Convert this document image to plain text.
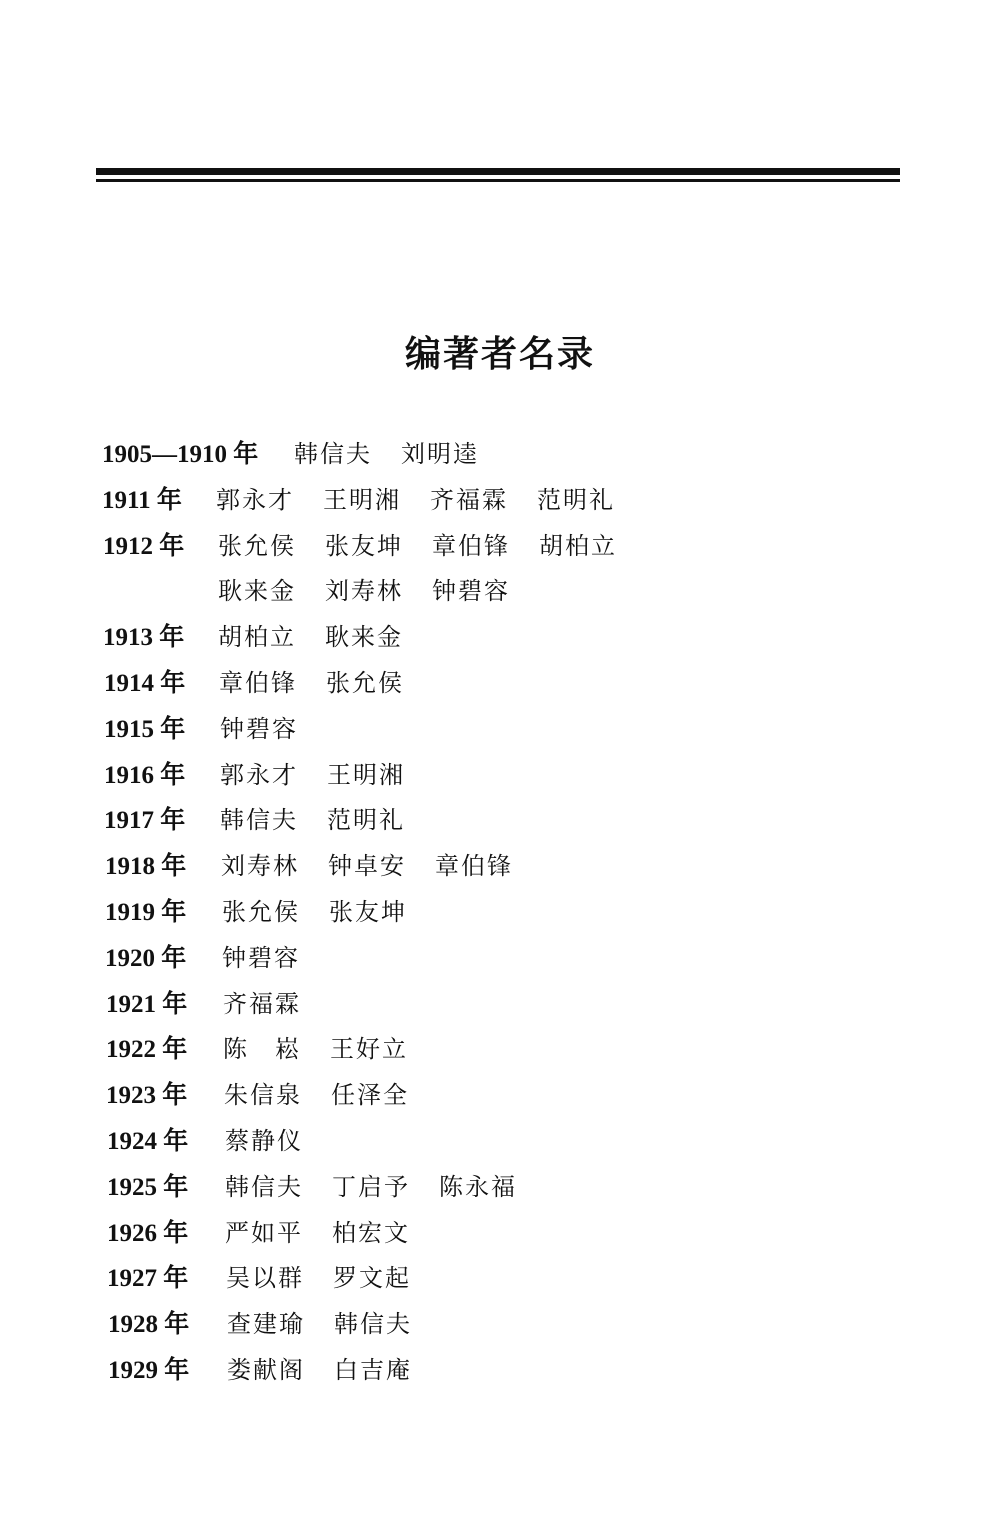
编著者名录
1905—1910 年 韩信夫 刘明逵
1911 年 郭永才 王明湘 齐福霖 范明礼
1912 年 张允侯 张友坤 章伯锋 胡柏立
耿来金 刘寿林 钟碧容
1913 年 胡柏立 耿来金
1914 年 章伯锋 张允侯
1915 年 钟碧容
1916 年 郭永才 王明湘
1917 年 韩信夫 范明礼
1918 年 刘寿林 钟卓安 章伯锋
1919 年 张允侯 张友坤
1920 年 钟碧容
1921 年 齐福霖
1922 年 陈　崧 王好立
1923 年 朱信泉 任泽全
1924 年 蔡静仪
1925 年 韩信夫 丁启予 陈永福
1926 年 严如平 柏宏文
1927 年 吴以群 罗文起
1928 年 查建瑜 韩信夫
1929 年 娄献阁 白吉庵
